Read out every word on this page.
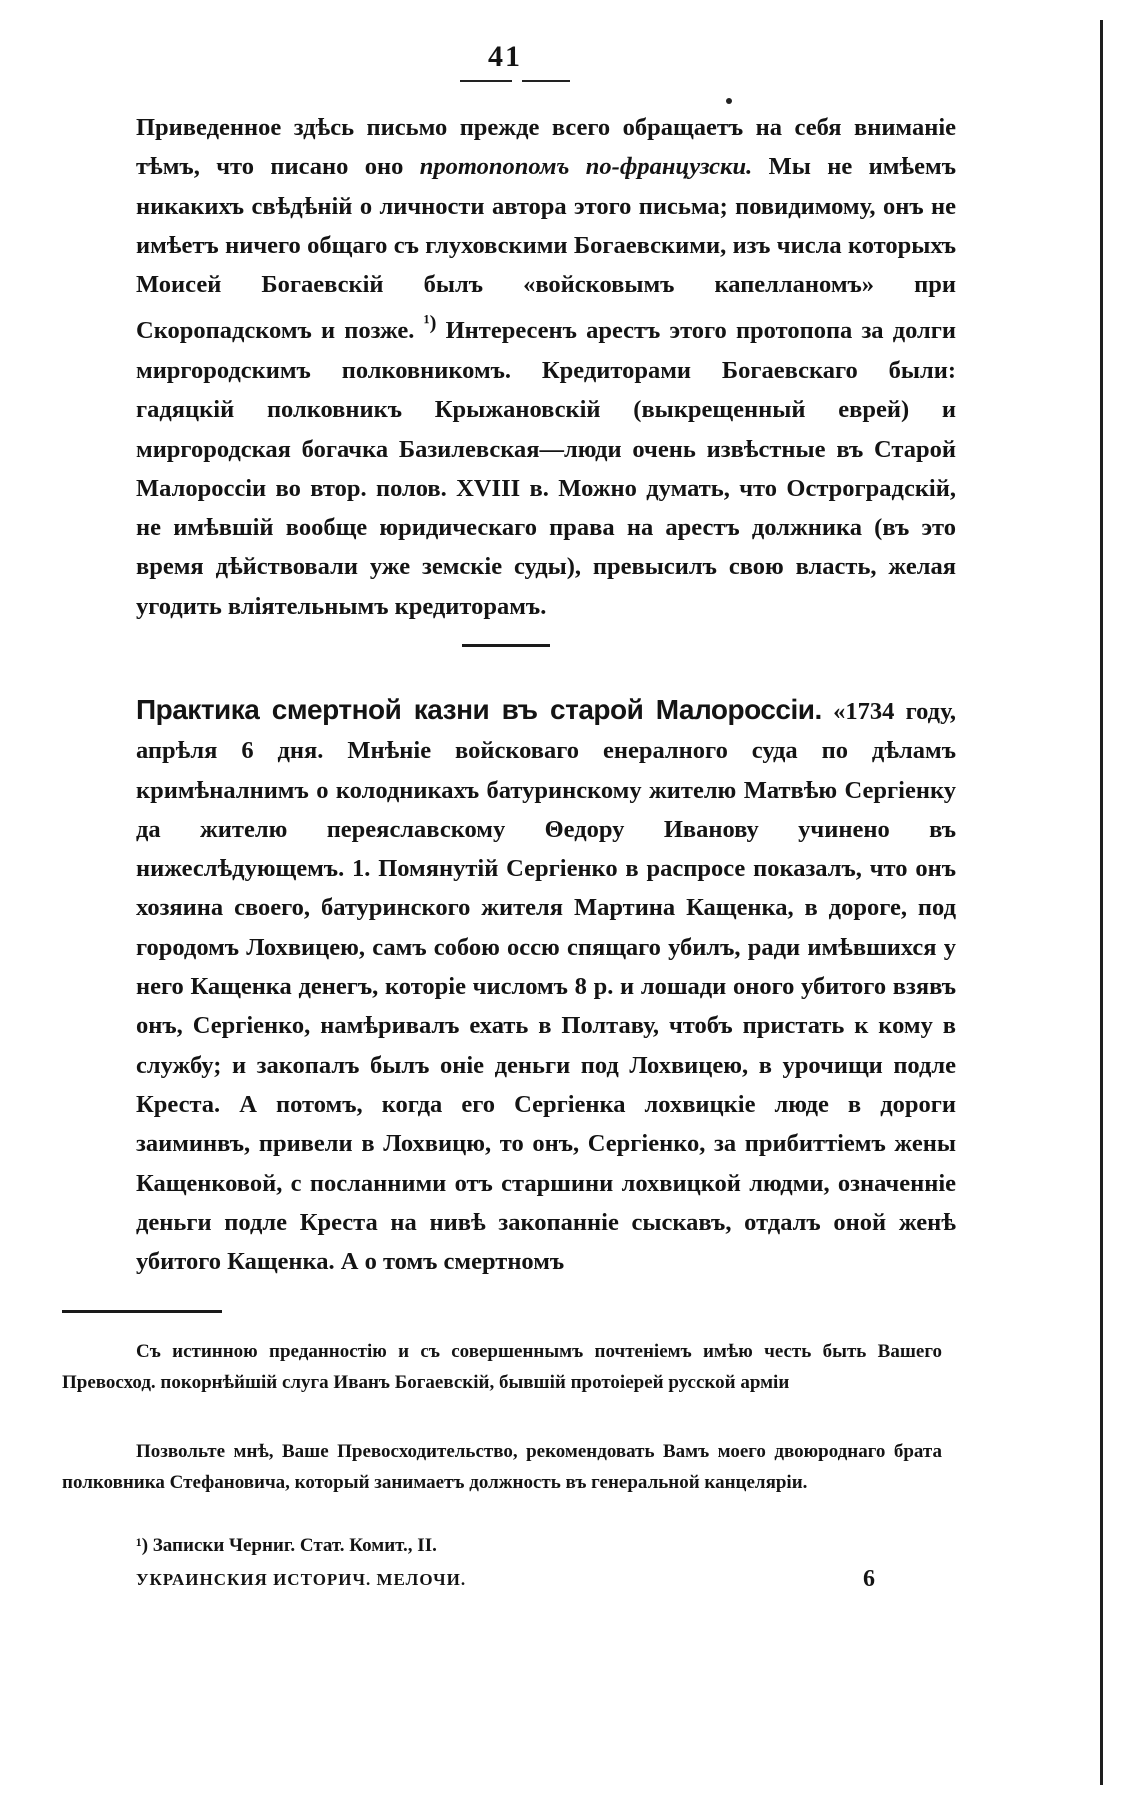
41

Приведенное здѣсь письмо прежде всего обращаетъ на себя вниманіе тѣмъ, что писано оно протопопомъ по-французски. Мы не имѣемъ никакихъ свѣдѣній о личности автора этого письма; повидимому, онъ не имѣетъ ничего общаго съ глуховскими Богаевскими, изъ числа которыхъ Моисей Богаевскій былъ «войсковымъ капелланомъ» при Скоропадскомъ и позже. $^{^1)}$ Интересенъ арестъ этого протопопа за долги миргородскимъ полковникомъ. Кредиторами Богаевскаго были: гадяцкій полковникъ Крыжановскій (выкрещенный еврей) и миргородская богачка Базилевская—люди очень извѣстные въ Старой Малороссіи во втор. полов. XVIII в. Можно думать, что Остроградскій, не имѣвшій вообще юридическаго права на арестъ должника (въ это время дѣйствовали уже земскіе суды), превысилъ свою власть, желая угодить вліятельнымъ кредиторамъ.

Практика смертной казни въ старой Малороссіи. «1734 году, апрѣля 6 дня. Мнѣніе войсковаго енералного суда по дѣламъ кримѣналнимъ о колодникахъ батуринскому жителю Матвѣю Сергіенку да жителю переяславскому Θедору Иванову учинено въ нижеслѣдующемъ. 1. Помянутій Сергіенко в распросе показалъ, что онъ хозяина своего, батуринского жителя Мартина Кащенка, в дороге, под городомъ Лохвицею, самъ собою оссю спящаго убилъ, ради имѣвшихся у него Кащенка денегъ, которіе числомъ 8 р. и лошади оного убитого взявъ онъ, Сергіенко, намѣривалъ ехать в Полтаву, чтобъ пристать к кому в службу; и закопалъ былъ оніе деньги под Лохвицею, в урочищи подле Креста. А потомъ, когда его Сергіенка лохвицкіе люде в дороги заиминвъ, привели в Лохвицю, то онъ, Сергіенко, за прибиттіемъ жены Кащенковой, с посланними отъ старшини лохвицкой людми, означенніе деньги подле Креста на нивѣ закопанніе сыскавъ, отдалъ оной женѣ убитого Кащенка. А о томъ смертномъ

Съ истинною преданностію и съ совершеннымъ почтеніемъ имѣю честь быть Вашего Превосход. покорнѣйшій слуга Иванъ Богаевскій, бывшій протоіерей русской арміи

Позвольте мнѣ, Ваше Превосходительство, рекомендовать Вамъ моего двоюроднаго брата полковника Стефановича, который занимаетъ должность въ генеральной канцеляріи.

¹) Записки Черниг. Стат. Комит., II.

УКРАИНСКИЯ ИСТОРИЧ. МЕЛОЧИ.	6
